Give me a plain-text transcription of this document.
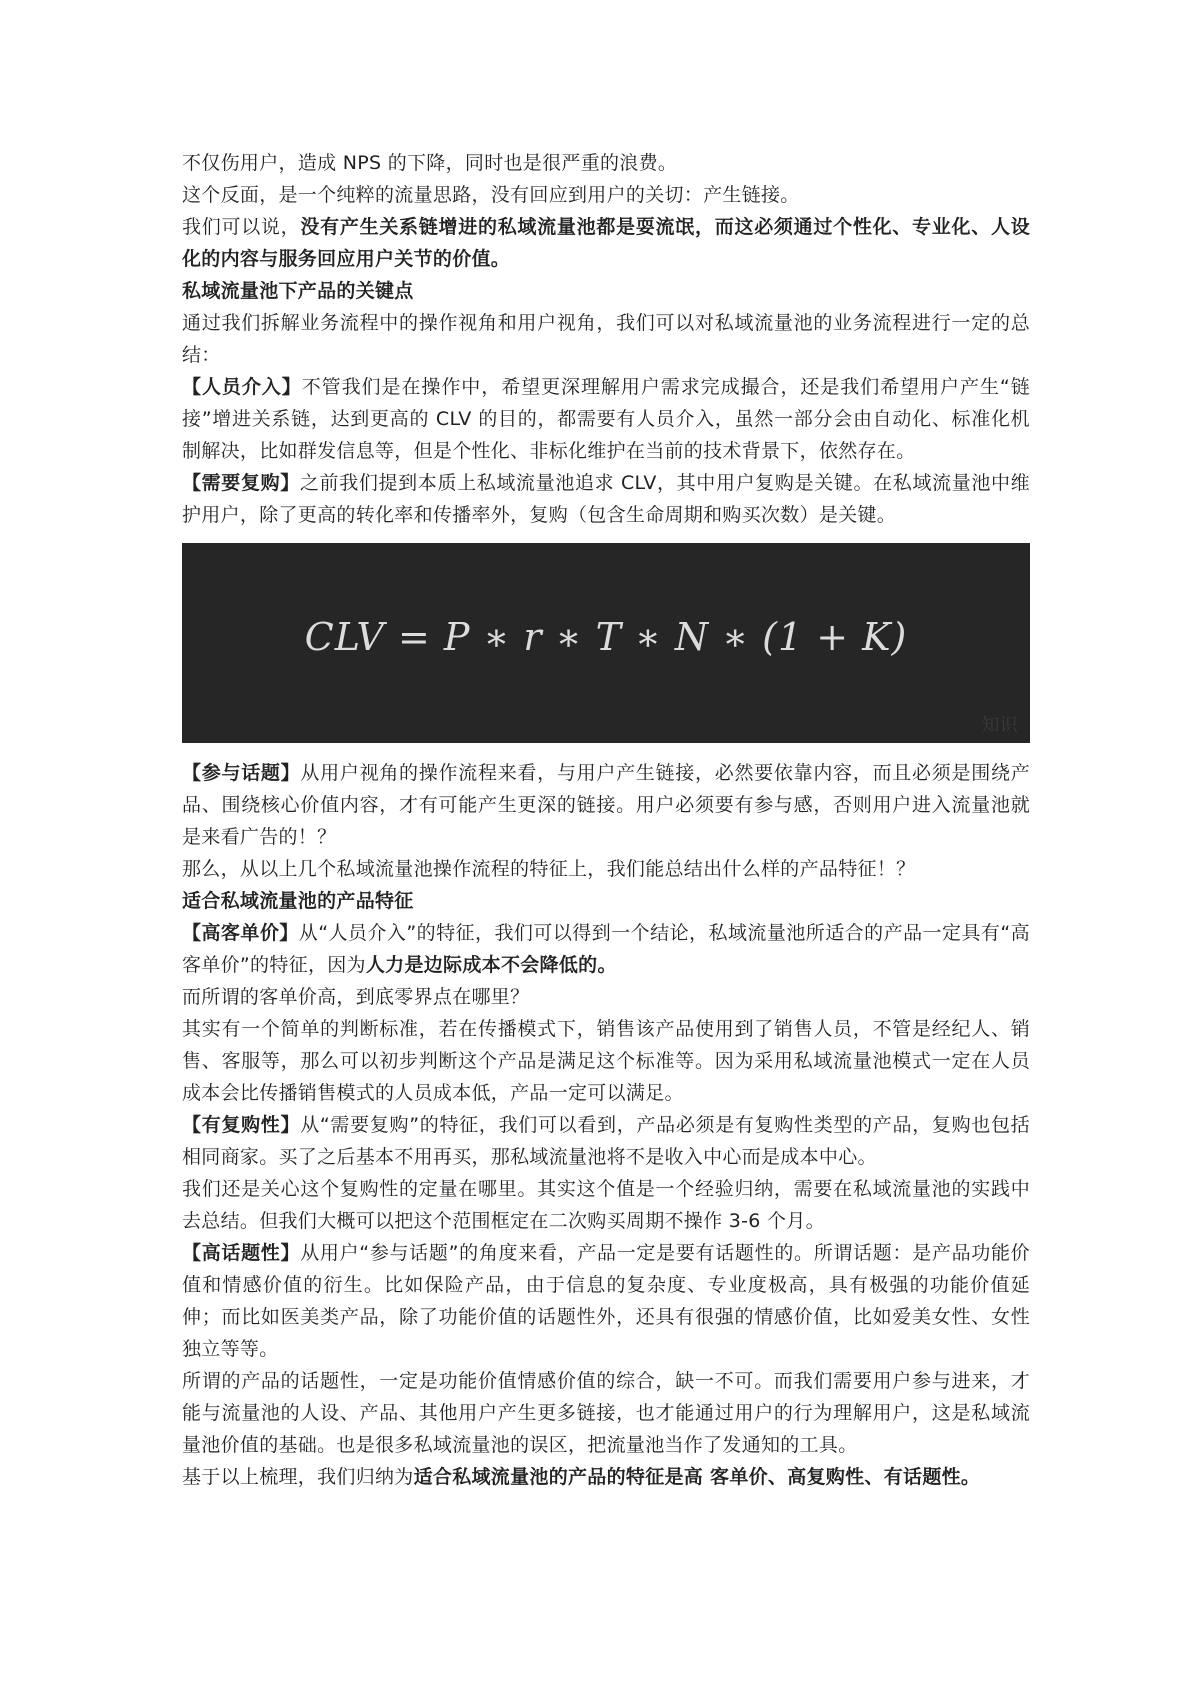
不仅伤用户，造成 NPS 的下降，同时也是很严重的浪费。

这个反面，是一个纯粹的流量思路，没有回应到用户的关切：产生链接。

我们可以说，没有产生关系链增进的私域流量池都是耍流氓，而这必须通过个性化、专业化、人设化的内容与服务回应用户关节的价值。

私域流量池下产品的关键点

通过我们拆解业务流程中的操作视角和用户视角，我们可以对私域流量池的业务流程进行一定的总结：

【人员介入】不管我们是在操作中，希望更深理解用户需求完成撮合，还是我们希望用户产生“链接”增进关系链，达到更高的 CLV 的目的，都需要有人员介入，虽然一部分会由自动化、标准化机制解决，比如群发信息等，但是个性化、非标化维护在当前的技术背景下，依然存在。

【需要复购】之前我们提到本质上私域流量池追求 CLV，其中用户复购是关键。在私域流量池中维护用户，除了更高的转化率和传播率外，复购（包含生命周期和购买次数）是关键。

CLV = P ∗ r ∗ T ∗ N ∗ (1 + K)
知识

【参与话题】从用户视角的操作流程来看，与用户产生链接，必然要依靠内容，而且必须是围绕产品、围绕核心价值内容，才有可能产生更深的链接。用户必须要有参与感，否则用户进入流量池就是来看广告的！？

那么，从以上几个私域流量池操作流程的特征上，我们能总结出什么样的产品特征！？

适合私域流量池的产品特征

【高客单价】从“人员介入”的特征，我们可以得到一个结论，私域流量池所适合的产品一定具有“高客单价”的特征，因为人力是边际成本不会降低的。

而所谓的客单价高，到底零界点在哪里？

其实有一个简单的判断标准，若在传播模式下，销售该产品使用到了销售人员，不管是经纪人、销售、客服等，那么可以初步判断这个产品是满足这个标准等。因为采用私域流量池模式一定在人员成本会比传播销售模式的人员成本低，产品一定可以满足。

【有复购性】从“需要复购”的特征，我们可以看到，产品必须是有复购性类型的产品，复购也包括相同商家。买了之后基本不用再买，那私域流量池将不是收入中心而是成本中心。

我们还是关心这个复购性的定量在哪里。其实这个值是一个经验归纳，需要在私域流量池的实践中去总结。但我们大概可以把这个范围框定在二次购买周期不操作 3-6 个月。

【高话题性】从用户“参与话题”的角度来看，产品一定是要有话题性的。所谓话题：是产品功能价值和情感价值的衍生。比如保险产品，由于信息的复杂度、专业度极高，具有极强的功能价值延伸；而比如医美类产品，除了功能价值的话题性外，还具有很强的情感价值，比如爱美女性、女性独立等等。

所谓的产品的话题性，一定是功能价值情感价值的综合，缺一不可。而我们需要用户参与进来，才能与流量池的人设、产品、其他用户产生更多链接，也才能通过用户的行为理解用户，这是私域流量池价值的基础。也是很多私域流量池的误区，把流量池当作了发通知的工具。

基于以上梳理，我们归纳为适合私域流量池的产品的特征是高 客单价、高复购性、有话题性。
